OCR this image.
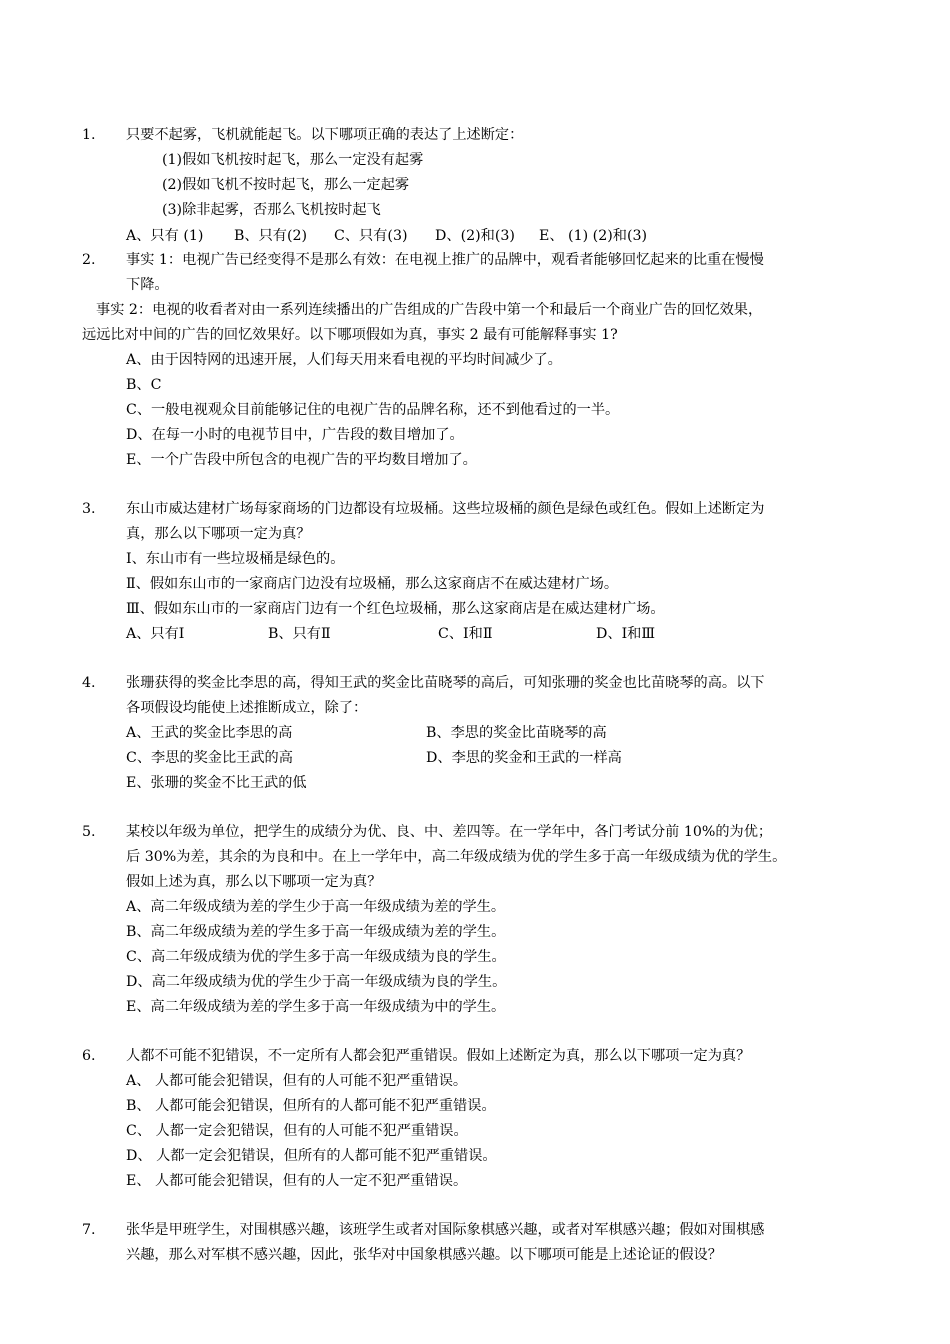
1. 只要不起雾，飞机就能起飞。以下哪项正确的表达了上述断定：
(1)假如飞机按时起飞，那么一定没有起雾
(2)假如飞机不按时起飞，那么一定起雾
(3)除非起雾，否那么飞机按时起飞
A、只有 (1) B、只有(2) C、只有(3) D、(2)和(3) E、 (1) (2)和(3)
2. 事实 1：电视广告已经变得不是那么有效：在电视上推广的品牌中，观看者能够回忆起来的比重在慢慢
下降。
事实 2：电视的收看者对由一系列连续播出的广告组成的广告段中第一个和最后一个商业广告的回忆效果，
远远比对中间的广告的回忆效果好。以下哪项假如为真，事实 2 最有可能解释事实 1?
A、由于因特网的迅速开展，人们每天用来看电视的平均时间减少了。
B、C
C、一般电视观众目前能够记住的电视广告的品牌名称，还不到他看过的一半。
D、在每一小时的电视节目中，广告段的数目增加了。
E、一个广告段中所包含的电视广告的平均数目增加了。
3. 东山市威达建材广场每家商场的门边都设有垃圾桶。这些垃圾桶的颜色是绿色或红色。假如上述断定为
真，那么以下哪项一定为真？
Ⅰ、东山市有一些垃圾桶是绿色的。
Ⅱ、假如东山市的一家商店门边没有垃圾桶，那么这家商店不在威达建材广场。
Ⅲ、假如东山市的一家商店门边有一个红色垃圾桶，那么这家商店是在威达建材广场。
A、只有Ⅰ	B、只有Ⅱ	C、Ⅰ和Ⅱ	D、Ⅰ和Ⅲ
4. 张珊获得的奖金比李思的高，得知王武的奖金比苗晓琴的高后，可知张珊的奖金也比苗晓琴的高。以下
各项假设均能使上述推断成立，除了：
A、王武的奖金比李思的高	B、李思的奖金比苗晓琴的高
C、李思的奖金比王武的高	D、李思的奖金和王武的一样高
E、张珊的奖金不比王武的低
5. 某校以年级为单位，把学生的成绩分为优、良、中、差四等。在一学年中，各门考试分前 10%的为优；
后 30%为差，其余的为良和中。在上一学年中，高二年级成绩为优的学生多于高一年级成绩为优的学生。
假如上述为真，那么以下哪项一定为真？
A、高二年级成绩为差的学生少于高一年级成绩为差的学生。
B、高二年级成绩为差的学生多于高一年级成绩为差的学生。
C、高二年级成绩为优的学生多于高一年级成绩为良的学生。
D、高二年级成绩为优的学生少于高一年级成绩为良的学生。
E、高二年级成绩为差的学生多于高一年级成绩为中的学生。
6. 人都不可能不犯错误，不一定所有人都会犯严重错误。假如上述断定为真，那么以下哪项一定为真？
A、 人都可能会犯错误，但有的人可能不犯严重错误。
B、 人都可能会犯错误，但所有的人都可能不犯严重错误。
C、 人都一定会犯错误，但有的人可能不犯严重错误。
D、 人都一定会犯错误，但所有的人都可能不犯严重错误。
E、 人都可能会犯错误，但有的人一定不犯严重错误。
7. 张华是甲班学生，对围棋感兴趣，该班学生或者对国际象棋感兴趣，或者对军棋感兴趣；假如对围棋感
兴趣，那么对军棋不感兴趣，因此，张华对中国象棋感兴趣。以下哪项可能是上述论证的假设？
